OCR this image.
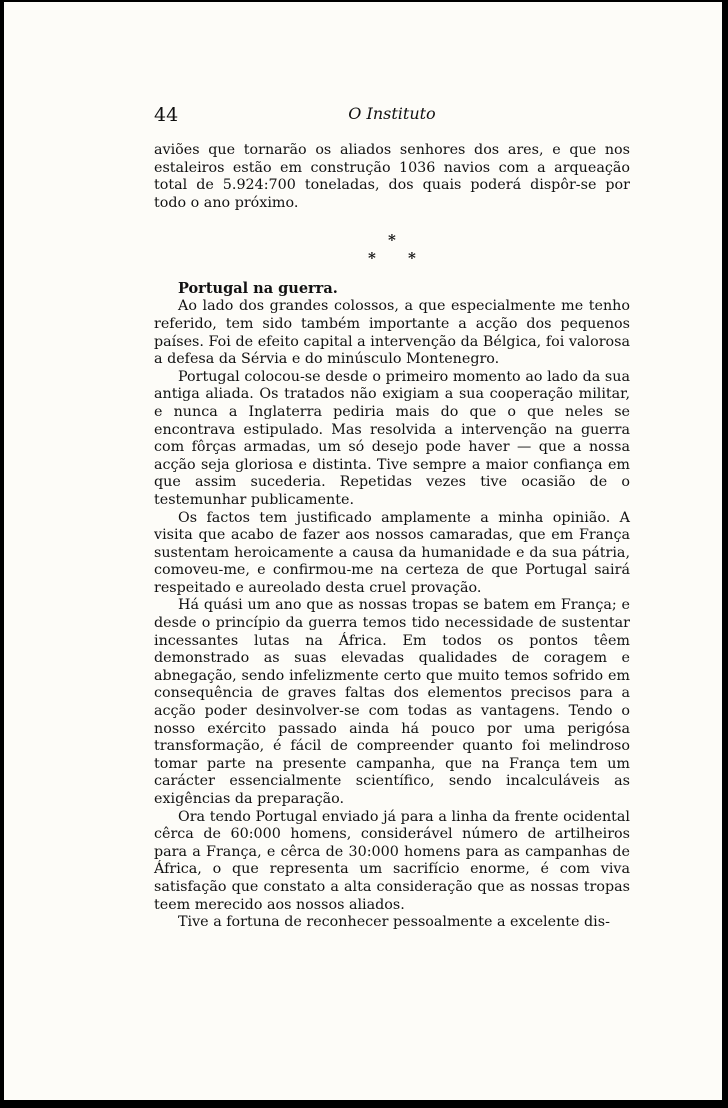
44	O Instituto

aviões que tornarão os aliados senhores dos ares, e que nos estaleiros estão em construção 1036 navios com a arqueação total de 5.924:700 toneladas, dos quais poderá dispôr-se por todo o ano próximo.

*
* *
Portugal na guerra.

Ao lado dos grandes colossos, a que especialmente me tenho referido, tem sido também importante a acção dos pequenos países. Foi de efeito capital a intervenção da Bélgica, foi valorosa a defesa da Sérvia e do minúsculo Montenegro.

Portugal colocou-se desde o primeiro momento ao lado da sua antiga aliada. Os tratados não exigiam a sua cooperação militar, e nunca a Inglaterra pediria mais do que o que neles se encontrava estipulado. Mas resolvida a intervenção na guerra com fôrças armadas, um só desejo pode haver — que a nossa acção seja gloriosa e distinta. Tive sempre a maior confiança em que assim sucederia. Repetidas vezes tive ocasião de o testemunhar publicamente.

Os factos tem justificado amplamente a minha opinião. A visita que acabo de fazer aos nossos camaradas, que em França sustentam heroicamente a causa da humanidade e da sua pátria, comoveu-me, e confirmou-me na certeza de que Portugal sairá respeitado e aureolado desta cruel provação.

Há quási um ano que as nossas tropas se batem em França; e desde o princípio da guerra temos tido necessidade de sustentar incessantes lutas na África. Em todos os pontos têem demonstrado as suas elevadas qualidades de coragem e abnegação, sendo infelizmente certo que muito temos sofrido em consequência de graves faltas dos elementos precisos para a acção poder desinvolver-se com todas as vantagens. Tendo o nosso exército passado ainda há pouco por uma perigósa transformação, é fácil de compreender quanto foi melindroso tomar parte na presente campanha, que na França tem um carácter essencialmente scientífico, sendo incalculáveis as exigências da preparação.

Ora tendo Portugal enviado já para a linha da frente ocidental cêrca de 60:000 homens, considerável número de artilheiros para a França, e cêrca de 30:000 homens para as campanhas de África, o que representa um sacrifício enorme, é com viva satisfação que constato a alta consideração que as nossas tropas teem merecido aos nossos aliados.

Tive a fortuna de reconhecer pessoalmente a excelente dis-
